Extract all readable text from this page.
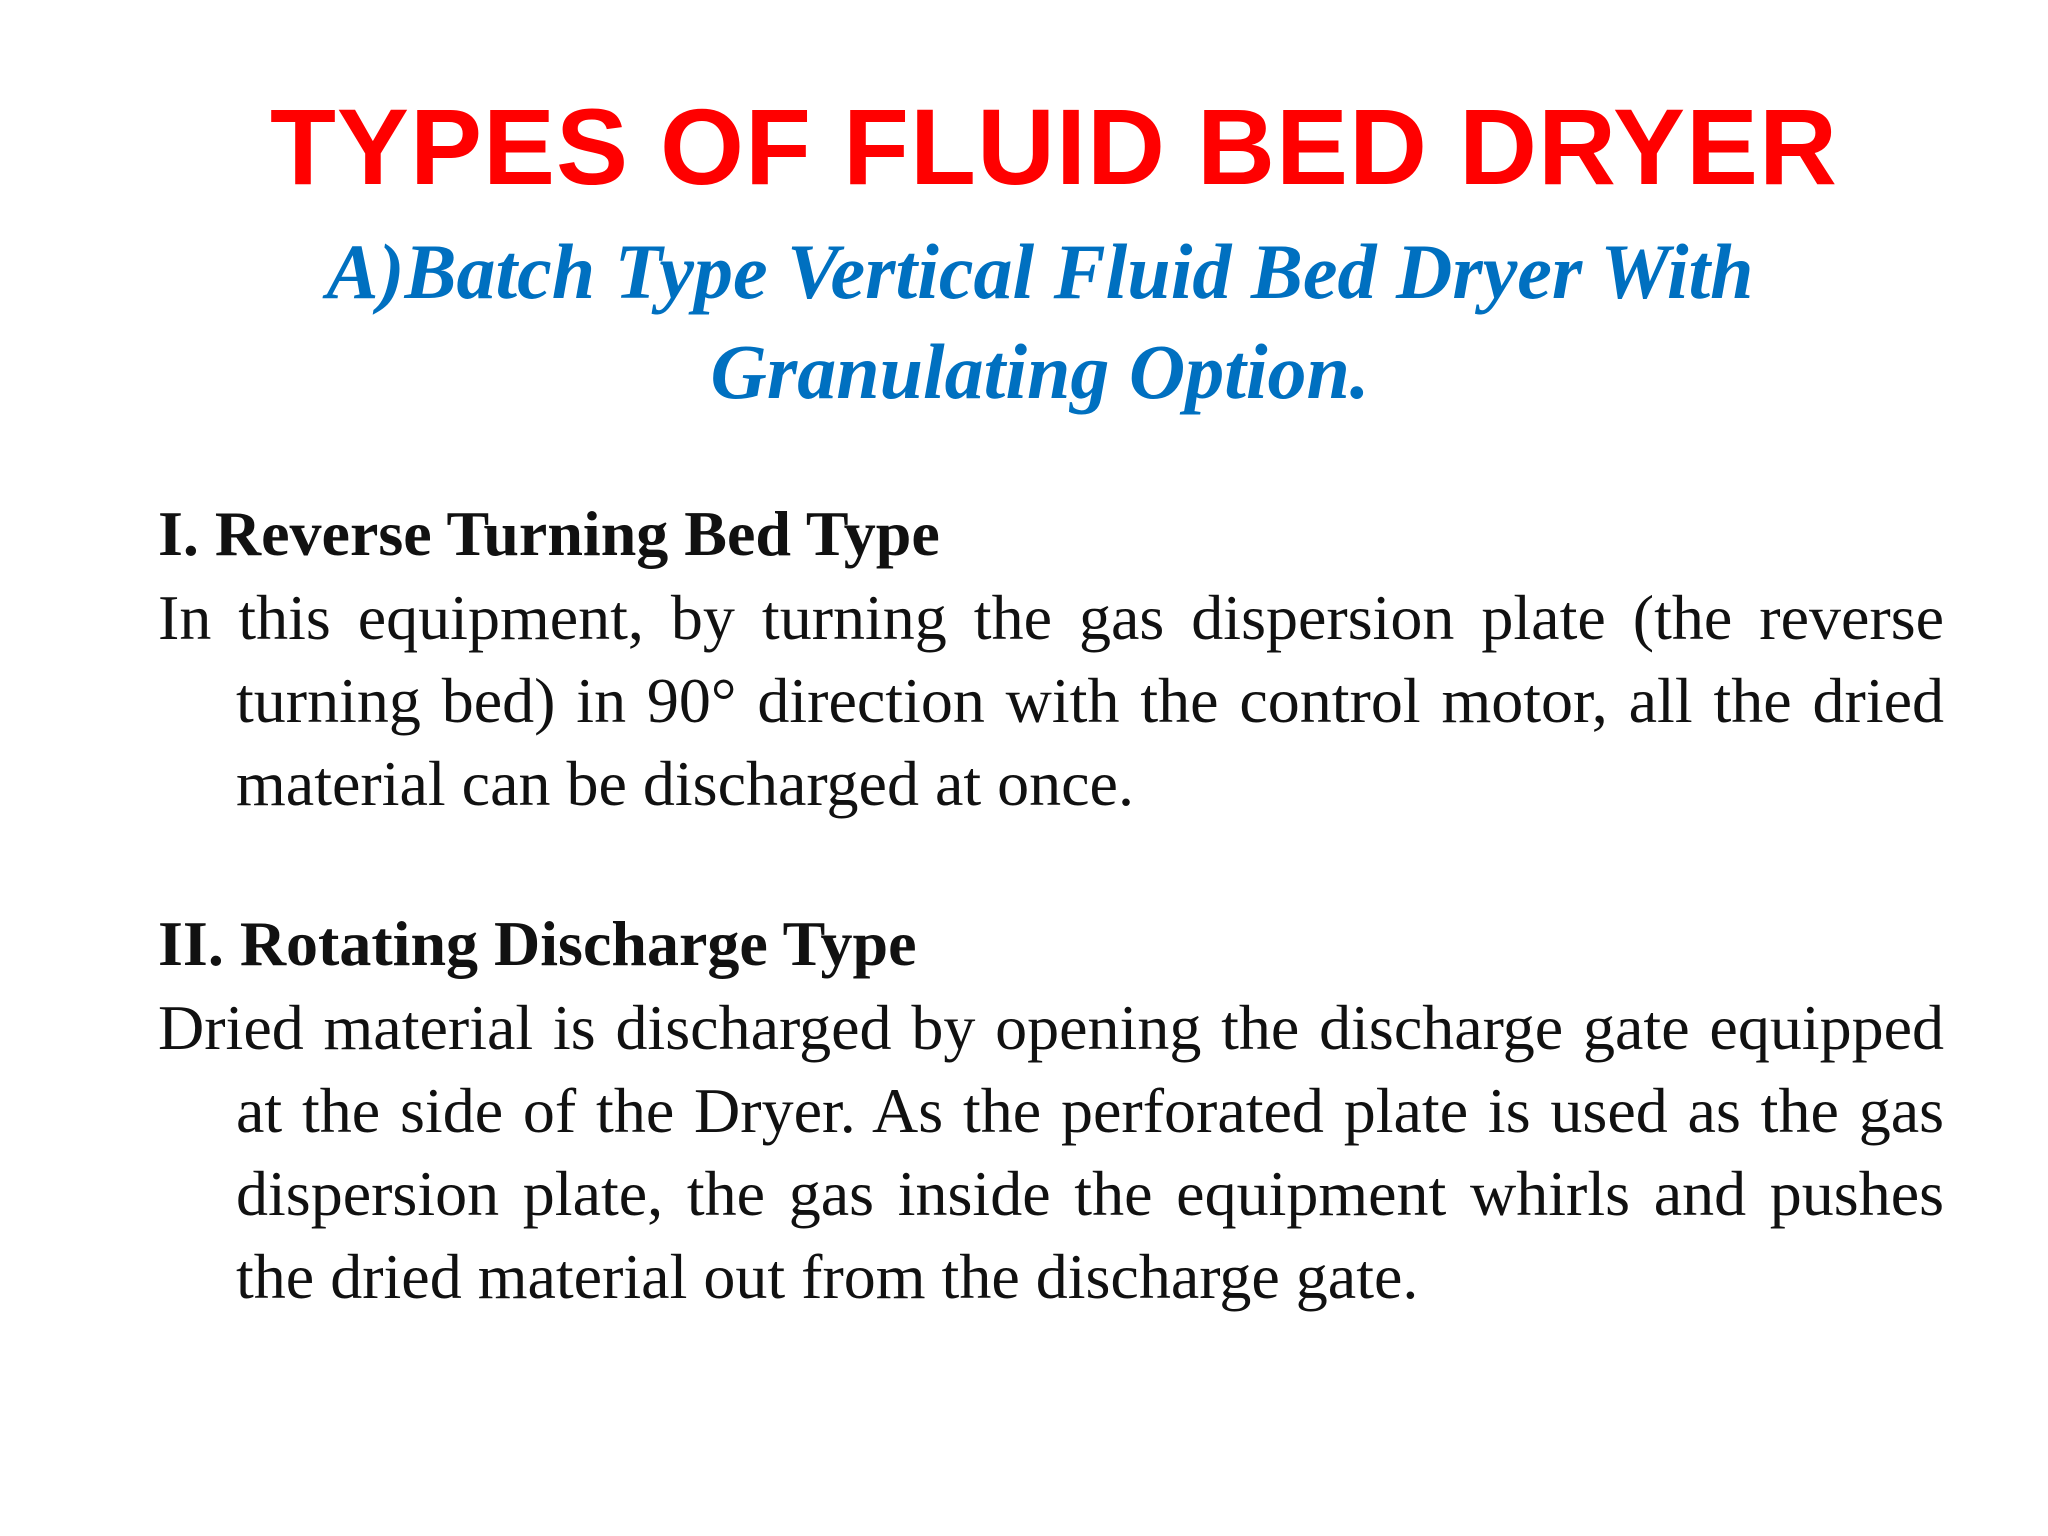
TYPES OF FLUID BED DRYER
A)Batch Type Vertical Fluid Bed Dryer With Granulating Option.
I. Reverse Turning Bed Type
In this equipment, by turning the gas dispersion plate (the reverse turning bed) in 90° direction with the control motor, all the dried material can be discharged at once.
II. Rotating Discharge Type
Dried material is discharged by opening the discharge gate equipped at the side of the Dryer. As the perforated plate is used as the gas dispersion plate, the gas inside the equipment whirls and pushes the dried material out from the discharge gate.
